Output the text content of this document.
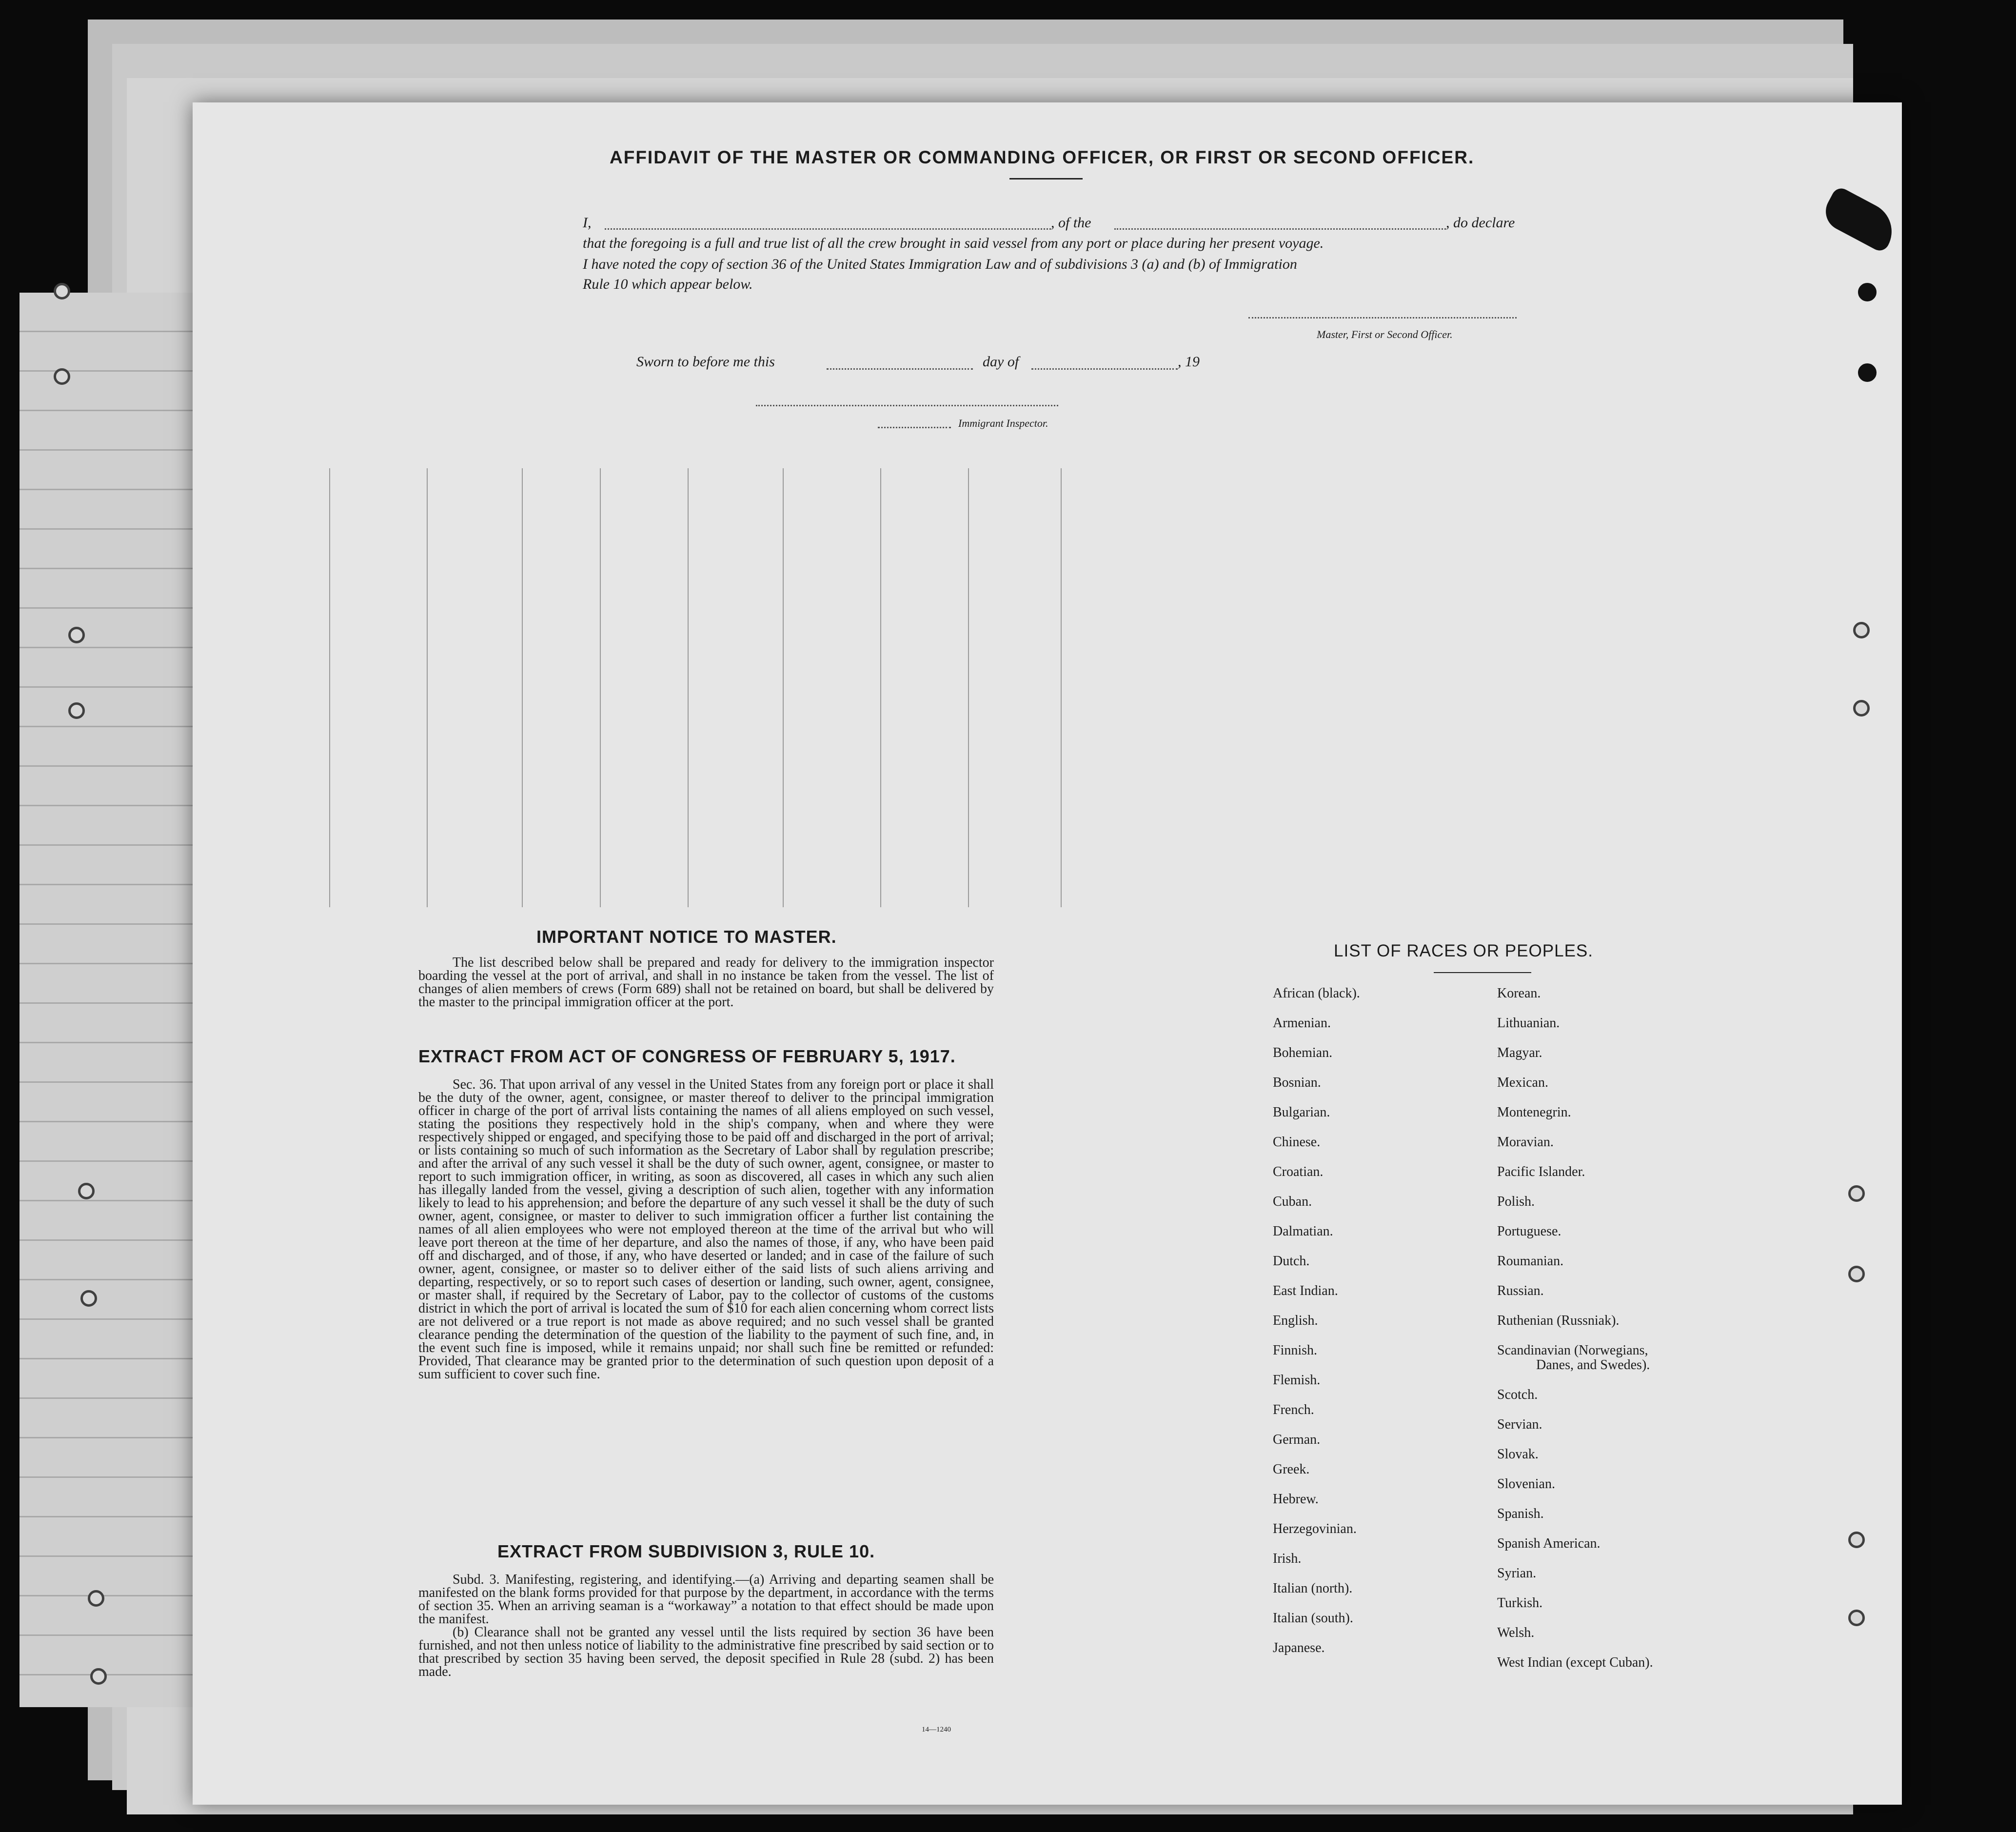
AFFIDAVIT OF THE MASTER OR COMMANDING OFFICER, OR FIRST OR SECOND OFFICER.
I,	, of the	, do declare
that the foregoing is a full and true list of all the crew brought in said vessel from any port or place during her present voyage.
I have noted the copy of section 36 of the United States Immigration Law and of subdivisions 3 (a) and (b) of Immigration
Rule 10 which appear below.
Master, First or Second Officer.
Sworn to before me this	day of	, 19
Immigrant Inspector.
IMPORTANT NOTICE TO MASTER.

The list described below shall be prepared and ready for delivery to the immigration inspector boarding the vessel at the port of arrival, and shall in no instance be taken from the vessel. The list of changes of alien members of crews (Form 689) shall not be retained on board, but shall be delivered by the master to the principal immigration officer at the port.

EXTRACT FROM ACT OF CONGRESS OF FEBRUARY 5, 1917.

Sec. 36. That upon arrival of any vessel in the United States from any foreign port or place it shall be the duty of the owner, agent, consignee, or master thereof to deliver to the principal immigration officer in charge of the port of arrival lists containing the names of all aliens employed on such vessel, stating the positions they respectively hold in the ship's company, when and where they were respectively shipped or engaged, and specifying those to be paid off and discharged in the port of arrival; or lists containing so much of such information as the Secretary of Labor shall by regulation prescribe; and after the arrival of any such vessel it shall be the duty of such owner, agent, consignee, or master to report to such immigration officer, in writing, as soon as discovered, all cases in which any such alien has illegally landed from the vessel, giving a description of such alien, together with any information likely to lead to his apprehension; and before the departure of any such vessel it shall be the duty of such owner, agent, consignee, or master to deliver to such immigration officer a further list containing the names of all alien employees who were not employed thereon at the time of the arrival but who will leave port thereon at the time of her departure, and also the names of those, if any, who have been paid off and discharged, and of those, if any, who have deserted or landed; and in case of the failure of such owner, agent, consignee, or master so to deliver either of the said lists of such aliens arriving and departing, respectively, or so to report such cases of desertion or landing, such owner, agent, consignee, or master shall, if required by the Secretary of Labor, pay to the collector of customs of the customs district in which the port of arrival is located the sum of $10 for each alien concerning whom correct lists are not delivered or a true report is not made as above required; and no such vessel shall be granted clearance pending the determination of the question of the liability to the payment of such fine, and, in the event such fine is imposed, while it remains unpaid; nor shall such fine be remitted or refunded: Provided, That clearance may be granted prior to the determination of such question upon deposit of a sum sufficient to cover such fine.

EXTRACT FROM SUBDIVISION 3, RULE 10.

Subd. 3. Manifesting, registering, and identifying.—(a) Arriving and departing seamen shall be manifested on the blank forms provided for that purpose by the department, in accordance with the terms of section 35. When an arriving seaman is a “workaway” a notation to that effect should be made upon the manifest.

(b) Clearance shall not be granted any vessel until the lists required by section 36 have been furnished, and not then unless notice of liability to the administrative fine prescribed by said section or to that prescribed by section 35 having been served, the deposit specified in Rule 28 (subd. 2) has been made.

14—1240
LIST OF RACES OR PEOPLES.
African (black).
Armenian.
Bohemian.
Bosnian.
Bulgarian.
Chinese.
Croatian.
Cuban.
Dalmatian.
Dutch.
East Indian.
English.
Finnish.
Flemish.
French.
German.
Greek.
Hebrew.
Herzegovinian.
Irish.
Italian (north).
Italian (south).
Japanese.
Korean.
Lithuanian.
Magyar.
Mexican.
Montenegrin.
Moravian.
Pacific Islander.
Polish.
Portuguese.
Roumanian.
Russian.
Ruthenian (Russniak).
Scandinavian (Norwegians,
Danes, and Swedes).
Scotch.
Servian.
Slovak.
Slovenian.
Spanish.
Spanish American.
Syrian.
Turkish.
Welsh.
West Indian (except Cuban).
